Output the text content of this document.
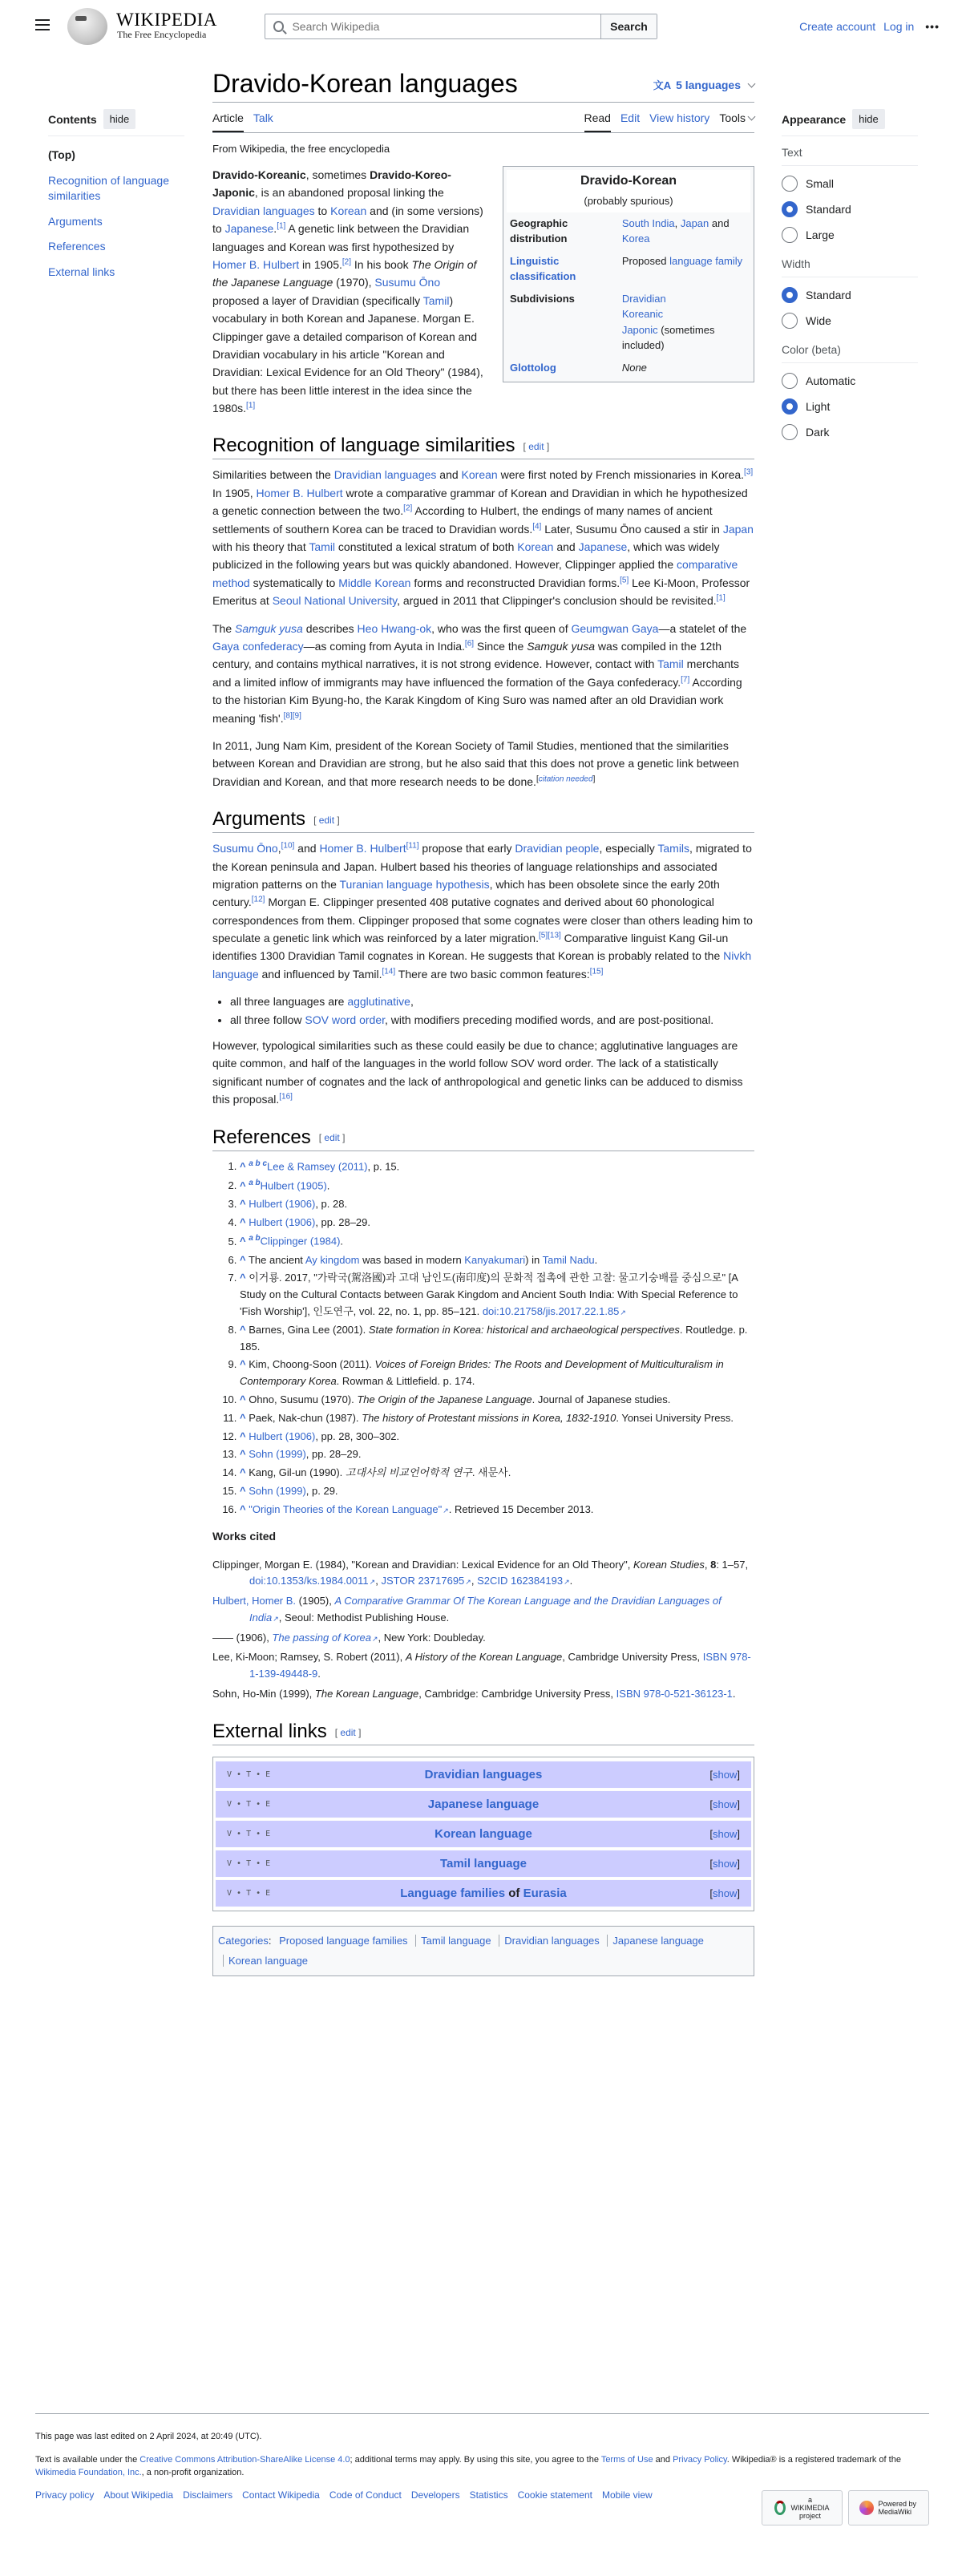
WIKIPEDIA
The Free Encyclopedia
Search Wikipedia
Search	Create account Log in •••
Contents	hide
(Top)
Recognition of language similarities
Arguments
References
External links
Appearance	hide
Text
Small
Standard
Large
Width
Standard
Wide
Color (beta)
Automatic
Light
Dark
Dravido-Korean languages	文A 5 languages
Article Talk	Read Edit View history Tools
From Wikipedia, the free encyclopedia
Dravido-Korean
(probably spurious)
Geographic distribution	South India, Japan and Korea
Linguistic classification	Proposed language family
Subdivisions	Dravidian
Koreanic
Japonic (sometimes included)

Glottolog	None

Dravido-Koreanic, sometimes Dravido-Koreo-Japonic, is an abandoned proposal linking the Dravidian languages to Korean and (in some versions) to Japanese.[1] A genetic link between the Dravidian languages and Korean was first hypothesized by Homer B. Hulbert in 1905.[2] In his book The Origin of the Japanese Language (1970), Susumu Ōno proposed a layer of Dravidian (specifically Tamil) vocabulary in both Korean and Japanese. Morgan E. Clippinger gave a detailed comparison of Korean and Dravidian vocabulary in his article "Korean and Dravidian: Lexical Evidence for an Old Theory" (1984), but there has been little interest in the idea since the 1980s.[1]

Recognition of language similarities [ edit ]

Similarities between the Dravidian languages and Korean were first noted by French missionaries in Korea.[3] In 1905, Homer B. Hulbert wrote a comparative grammar of Korean and Dravidian in which he hypothesized a genetic connection between the two.[2] According to Hulbert, the endings of many names of ancient settlements of southern Korea can be traced to Dravidian words.[4] Later, Susumu Ōno caused a stir in Japan with his theory that Tamil constituted a lexical stratum of both Korean and Japanese, which was widely publicized in the following years but was quickly abandoned. However, Clippinger applied the comparative method systematically to Middle Korean forms and reconstructed Dravidian forms.[5] Lee Ki-Moon, Professor Emeritus at Seoul National University, argued in 2011 that Clippinger's conclusion should be revisited.[1]

The Samguk yusa describes Heo Hwang-ok, who was the first queen of Geumgwan Gaya—a statelet of the Gaya confederacy—as coming from Ayuta in India.[6] Since the Samguk yusa was compiled in the 12th century, and contains mythical narratives, it is not strong evidence. However, contact with Tamil merchants and a limited inflow of immigrants may have influenced the formation of the Gaya confederacy.[7] According to the historian Kim Byung-ho, the Karak Kingdom of King Suro was named after an old Dravidian work meaning 'fish'.[8][9]

In 2011, Jung Nam Kim, president of the Korean Society of Tamil Studies, mentioned that the similarities between Korean and Dravidian are strong, but he also said that this does not prove a genetic link between Dravidian and Korean, and that more research needs to be done.[citation needed]

Arguments [ edit ]

Susumu Ōno,[10] and Homer B. Hulbert[11] propose that early Dravidian people, especially Tamils, migrated to the Korean peninsula and Japan. Hulbert based his theories of language relationships and associated migration patterns on the Turanian language hypothesis, which has been obsolete since the early 20th century.[12] Morgan E. Clippinger presented 408 putative cognates and derived about 60 phonological correspondences from them. Clippinger proposed that some cognates were closer than others leading him to speculate a genetic link which was reinforced by a later migration.[5][13] Comparative linguist Kang Gil-un identifies 1300 Dravidian Tamil cognates in Korean. He suggests that Korean is probably related to the Nivkh language and influenced by Tamil.[14] There are two basic common features:[15]

• all three languages are agglutinative,
• all three follow SOV word order, with modifiers preceding modified words, and are post-positional.

However, typological similarities such as these could easily be due to chance; agglutinative languages are quite common, and half of the languages in the world follow SOV word order. The lack of a statistically significant number of cognates and the lack of anthropological and genetic links can be adduced to dismiss this proposal.[16]

References [ edit ]
1. ^ $^{a b c}$Lee & Ramsey (2011), p. 15.
2. ^ $^{a b}$Hulbert (1905).
3. ^ Hulbert (1906), p. 28.
4. ^ Hulbert (1906), pp. 28–29.
5. ^ $^{a b}$Clippinger (1984).
6. ^ The ancient Ay kingdom was based in modern Kanyakumari) in Tamil Nadu.
7. ^ 이거룡. 2017, "가락국(駕洛國)과 고대 남인도(南印度)의 문화적 접촉에 관한 고찰: 물고기숭배를 중심으로" [A Study on the Cultural Contacts between Garak Kingdom and Ancient South India: With Special Reference to 'Fish Worship'], 인도연구, vol. 22, no. 1, pp. 85–121. doi:10.21758/jis.2017.22.1.85 ↗
8. ^ Barnes, Gina Lee (2001). State formation in Korea: historical and archaeological perspectives. Routledge. p. 185.
9. ^ Kim, Choong-Soon (2011). Voices of Foreign Brides: The Roots and Development of Multiculturalism in Contemporary Korea. Rowman & Littlefield. p. 174.
10. ^ Ohno, Susumu (1970). The Origin of the Japanese Language. Journal of Japanese studies.
11. ^ Paek, Nak-chun (1987). The history of Protestant missions in Korea, 1832-1910. Yonsei University Press.
12. ^ Hulbert (1906), pp. 28, 300–302.
13. ^ Sohn (1999), pp. 28–29.
14. ^ Kang, Gil-un (1990). 고대사의 비교언어학적 연구. 새문사.
15. ^ Sohn (1999), p. 29.
16. ^ "Origin Theories of the Korean Language" ↗ . Retrieved 15 December 2013.
Works cited

Clippinger, Morgan E. (1984), "Korean and Dravidian: Lexical Evidence for an Old Theory", Korean Studies, 8: 1–57, doi:10.1353/ks.1984.0011 ↗ , JSTOR 23717695 ↗ , S2CID 162384193 ↗ .

Hulbert, Homer B. (1905), A Comparative Grammar Of The Korean Language and the Dravidian Languages of India ↗ , Seoul: Methodist Publishing House.

—— (1906), The passing of Korea ↗ , New York: Doubleday.

Lee, Ki-Moon; Ramsey, S. Robert (2011), A History of the Korean Language, Cambridge University Press, ISBN 978-1-139-49448-9.

Sohn, Ho-Min (1999), The Korean Language, Cambridge: Cambridge University Press, ISBN 978-0-521-36123-1.

External links [ edit ]
V • T • E	Dravidian languages	[show]
V • T • E	Japanese language	[show]
V • T • E	Korean language	[show]
V • T • E	Tamil language	[show]
V • T • E	Language families of Eurasia	[show]
Categories: Proposed language families Tamil language Dravidian languages Japanese language Korean language

This page was last edited on 2 April 2024, at 20:49 (UTC).

Text is available under the Creative Commons Attribution-ShareAlike License 4.0; additional terms may apply. By using this site, you agree to the Terms of Use and Privacy Policy. Wikipedia® is a registered trademark of the Wikimedia Foundation, Inc., a non-profit organization.

Privacy policy About Wikipedia Disclaimers Contact Wikipedia Code of Conduct Developers Statistics Cookie statement Mobile view	a WIKIMEDIA project
Powered by MediaWiki
